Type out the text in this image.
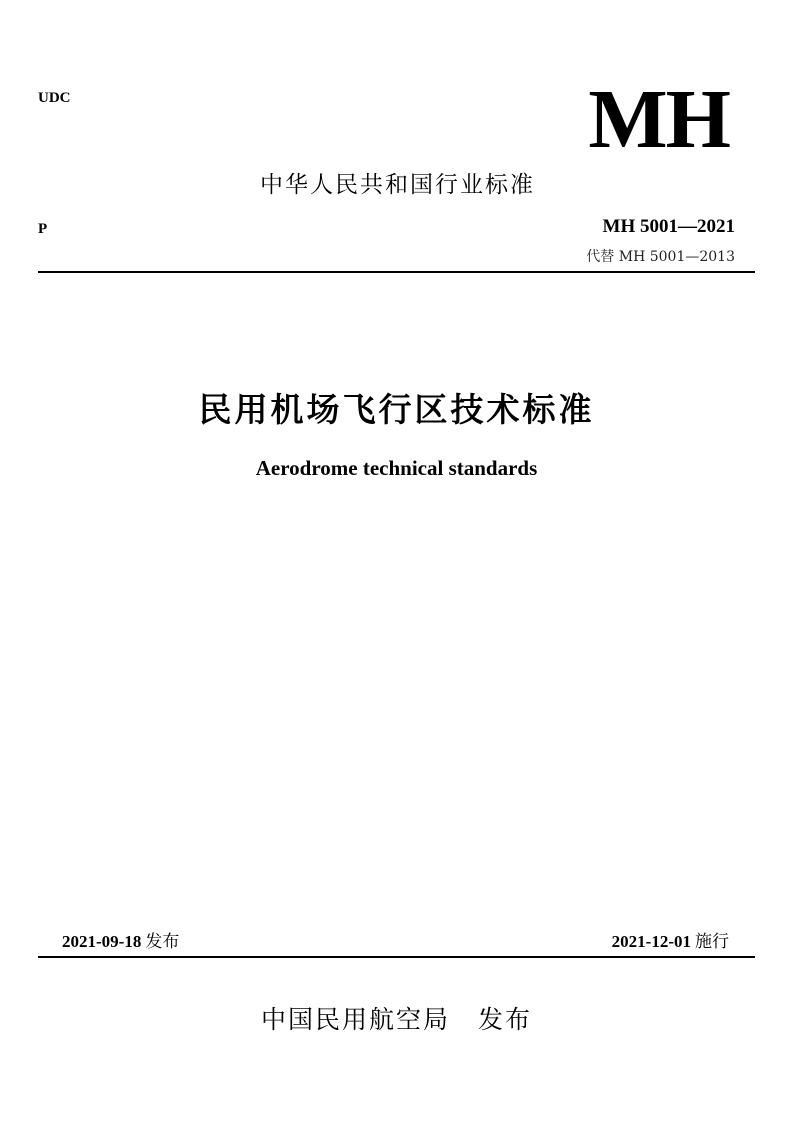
UDC	MH
中华人民共和国行业标准
P	MH 5001—2021
代替 MH 5001—2013
民用机场飞行区技术标准
Aerodrome technical standards
2021-09-18 发布	2021-12-01 施行
中国民用航空局 发布
